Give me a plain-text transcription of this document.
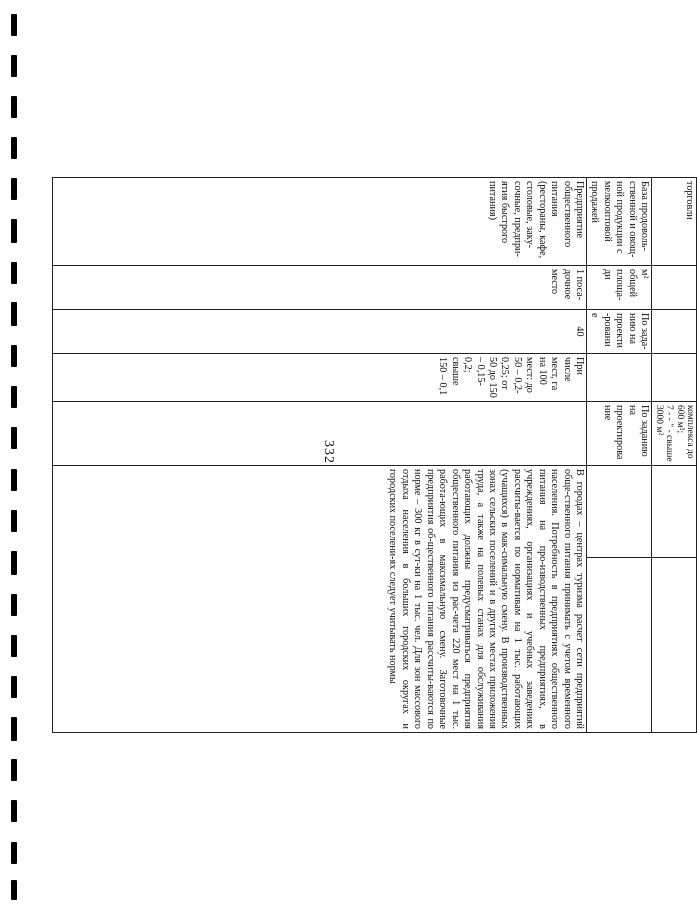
332
торговли				комплекса до 600 м²;
7 - - " - свыше 3000 м²		

База продоволь-ственной и овощ-ной продукции с мелкооптовой продажей	м² общей площа-ди	По зада-нию на проекти-рование		По заданию на проектирование		
Предприятие общественного питания (рестораны, кафе, столовые, заку-сочные, предпри-ятия быстрого питания)	1 поса-дочное место	40	При числе мест, га на 100 мест: до 50 – 0,2-0,25; от 50 до 150 – 0,15-0,2; свыше 150 – 0,1		В городах – центрах туризма расчет сети предприятий обще-ственного питания принимать с учетом временного населения. Потребность в предприятиях общественного питания на про-изводственных предприятиях, в учреждениях, организациях и учебных заведениях рассчиты-вается по нормативам на 1 тыс. работающих (учащихся) в мак-симальную смену. В производственных зонах сельских поселений и в других местах приложения труда, а также на полевых станах для обслуживания работающих должны предусматриваться предприятия общественного питания из рас-чета 220 мест на 1 тыс. работа-ющих в максимальную смену. Заготовочные предприятия об-щественного питания рассчиты-ваются по норме – 300 кг в сут-ки на 1 тыс. чел. Для зон массового отдыха населения в больших городских округах и городских поселени-ях следует учитывать нормы	
